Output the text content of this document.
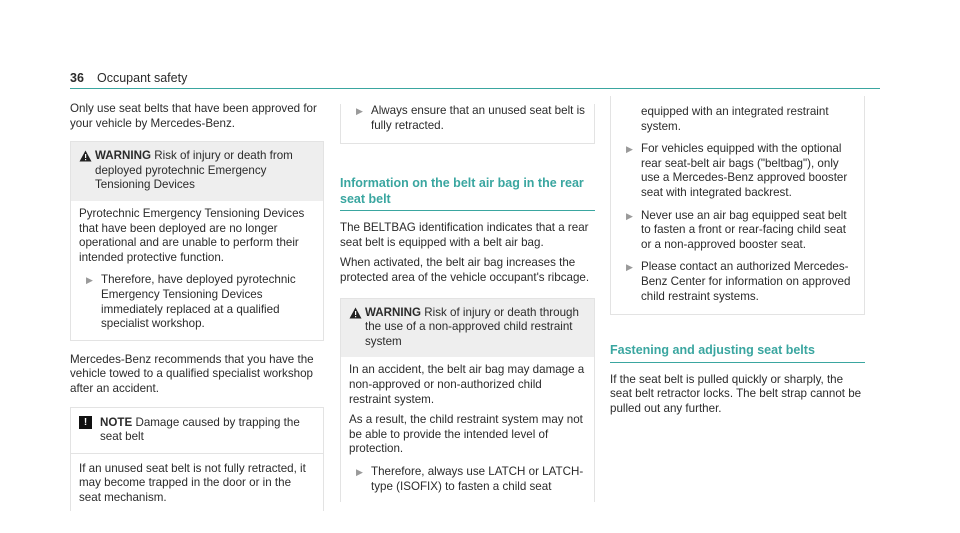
36 Occupant safety

Only use seat belts that have been approved for your vehicle by Mercedes-Benz.

WARNING Risk of injury or death from deployed pyrotechnic Emergency Tensioning Devices
Pyrotechnic Emergency Tensioning Devices that have been deployed are no longer operational and are unable to perform their intended protective function.
▶ Therefore, have deployed pyrotechnic Emergency Tensioning Devices immediately replaced at a qualified specialist workshop.

Mercedes-Benz recommends that you have the vehicle towed to a qualified specialist workshop after an accident.

!	NOTE Damage caused by trapping the seat belt
If an unused seat belt is not fully retracted, it may become trapped in the door or in the seat mechanism.
▶ Always ensure that an unused seat belt is fully retracted.
Information on the belt air bag in the rear seat belt

The BELTBAG identification indicates that a rear seat belt is equipped with a belt air bag.

When activated, the belt air bag increases the protected area of the vehicle occupant's ribcage.

WARNING Risk of injury or death through the use of a non-approved child restraint system

In an accident, the belt air bag may damage a non-approved or non-authorized child restraint system.

As a result, the child restraint system may not be able to provide the intended level of protection.

▶ Therefore, always use LATCH or LATCH-type (ISOFIX) to fasten a child seat
equipped with an integrated restraint system.
▶ For vehicles equipped with the optional rear seat-belt air bags ("beltbag"), only use a Mercedes-Benz approved booster seat with integrated backrest.
▶ Never use an air bag equipped seat belt to fasten a front or rear-facing child seat or a non-approved booster seat.
▶ Please contact an authorized Mercedes-Benz Center for information on approved child restraint systems.
Fastening and adjusting seat belts

If the seat belt is pulled quickly or sharply, the seat belt retractor locks. The belt strap cannot be pulled out any further.
